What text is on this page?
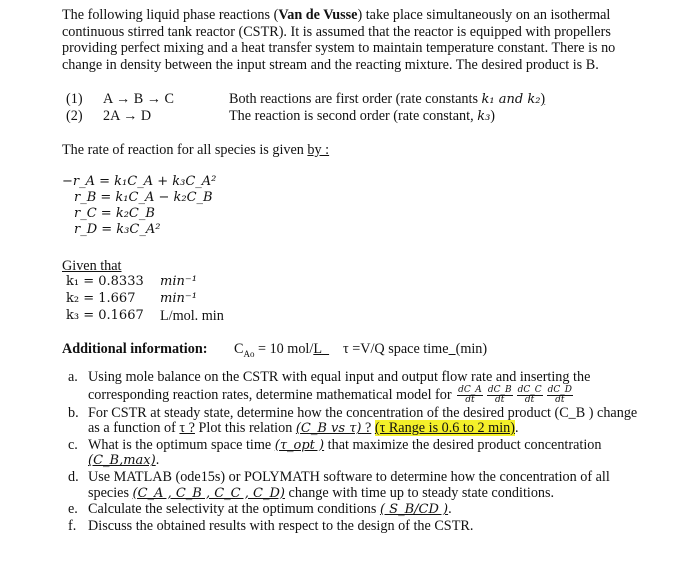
The following liquid phase reactions (Van de Vusse) take place simultaneously on an isothermal continuous stirred tank reactor (CSTR). It is assumed that the reactor is equipped with propellers providing perfect mixing and a heat transfer system to maintain temperature constant. There is no change in density between the input stream and the reacting mixture. The desired product is B.
(1) A → B → C	Both reactions are first order (rate constants k₁ and k₂)
(2) 2A → D	The reaction is second order (rate constant, k₃)
The rate of reaction for all species is given by :
−r_A = k₁C_A + k₃C_A²
r_B = k₁C_A − k₂C_B
r_C = k₂C_B
r_D = k₃C_A²
Given that
k₁ = 0.8333 min⁻¹
k₂ = 1.667 min⁻¹
k₃ = 0.1667 L/mol. min
Additional information: $C_{Ao} = 10$ mol/L	τ =V/Q space time (min)
a. Using mole balance on the CSTR with equal input and output flow rate and inserting the corresponding reaction rates, determine mathematical model for $\frac{dC\_A}{dt} \frac{dC\_B}{dt} \frac{dC\_C}{dt} \frac{dC\_D}{dt}$
b. For CSTR at steady state, determine how the concentration of the desired product (C_B ) change as a function of τ ? Plot this relation (C_B vs τ) ? (τ Range is 0.6 to 2 min).
c. What is the optimum space time (τ_opt ) that maximize the desired product concentration (C_B,max).
d. Use MATLAB (ode15s) or POLYMATH software to determine how the concentration of all species (C_A , C_B , C_C , C_D) change with time up to steady state conditions.
e. Calculate the selectivity at the optimum conditions ( S_B/CD ).
f. Discuss the obtained results with respect to the design of the CSTR.
